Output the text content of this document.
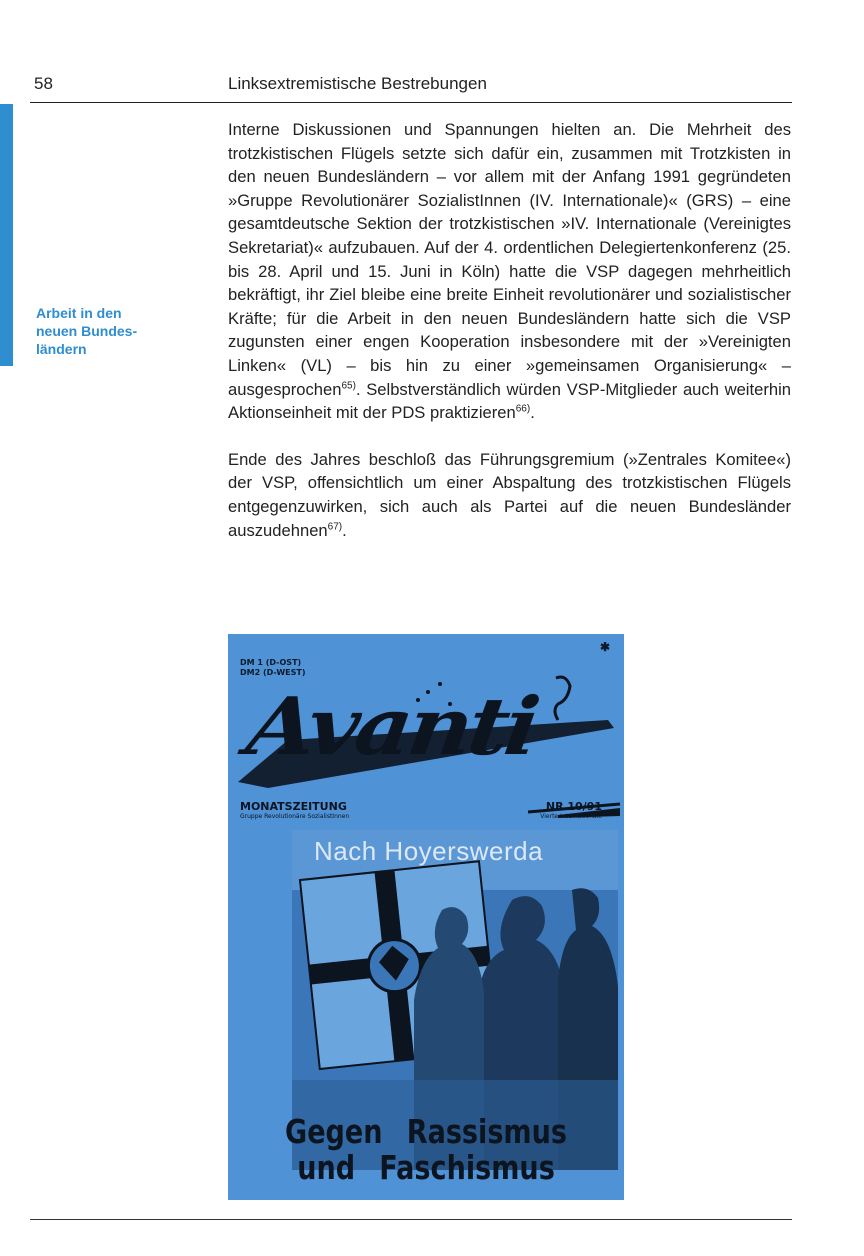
58	Linksextremistische Bestrebungen
Arbeit in den
neuen Bundes-
ländern

Interne Diskussionen und Spannungen hielten an. Die Mehrheit des trotzkistischen Flügels setzte sich dafür ein, zusammen mit Trotzkisten in den neuen Bundesländern – vor allem mit der Anfang 1991 gegründeten »Gruppe Revolutionärer SozialistInnen (IV. Internationale)« (GRS) – eine gesamtdeutsche Sektion der trotzkistischen »IV. Internationale (Vereinigtes Sekretariat)« aufzubauen. Auf der 4. ordentlichen Delegiertenkonferenz (25. bis 28. April und 15. Juni in Köln) hatte die VSP dagegen mehrheitlich bekräftigt, ihr Ziel bleibe eine breite Einheit revolutionärer und sozialistischer Kräfte; für die Arbeit in den neuen Bundesländern hatte sich die VSP zugunsten einer engen Kooperation insbesondere mit der »Vereinigten Linken« (VL) – bis hin zu einer »gemeinsamen Organisierung« – ausgesprochen$^{65)}$. Selbstverständlich würden VSP-Mitglieder auch weiterhin Aktionseinheit mit der PDS praktizieren$^{66)}$.

Ende des Jahres beschloß das Führungsgremium (»Zentrales Komitee«) der VSP, offensichtlich um einer Abspaltung des trotzkistischen Flügels entgegenzuwirken, sich auch als Partei auf die neuen Bundesländer auszudehnen$^{67)}$.

DM 1 (D-OST)
DM2 (D-WEST)
✱
Avanti
MONATSZEITUNG
Gruppe Revolutionäre SozialistInnen
NR 10/91
Vierte Internationale
Nach Hoyerswerda
Gegen Rassismus
und Faschismus
